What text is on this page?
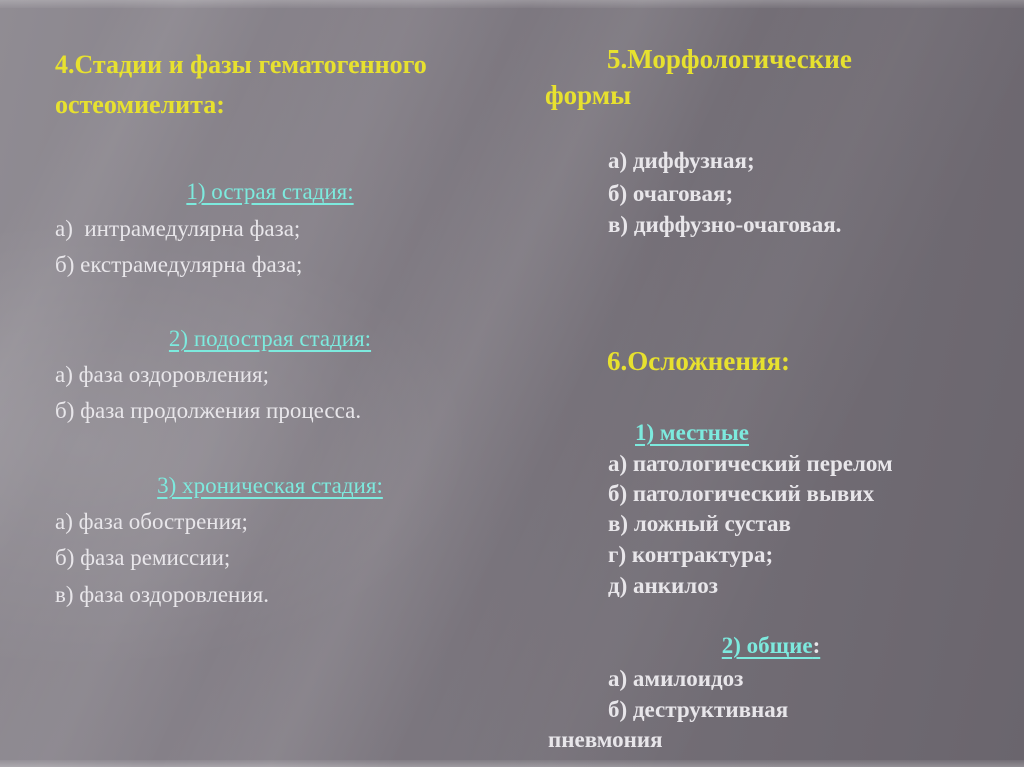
4.Стадии и фазы гематогенного
остеомиелита:
1) острая стадия:
а)  интрамедулярна фаза;
б) екстрамедулярна фаза;
2) подострая стадия:
а) фаза оздоровления;
б) фаза продолжения процесса.
3) хроническая стадия:
а) фаза обострения;
б) фаза ремиссии;
в) фаза оздоровления.
5.Морфологические
формы
а) диффузная;
б) очаговая;
в) диффузно-очаговая.
6.Осложнения:
1) местные
а) патологический перелом
б) патологический вывих
в) ложный сустав
г) контрактура;
д) анкилоз
2) общие:
а) амилоидоз
б) деструктивная
пневмония
